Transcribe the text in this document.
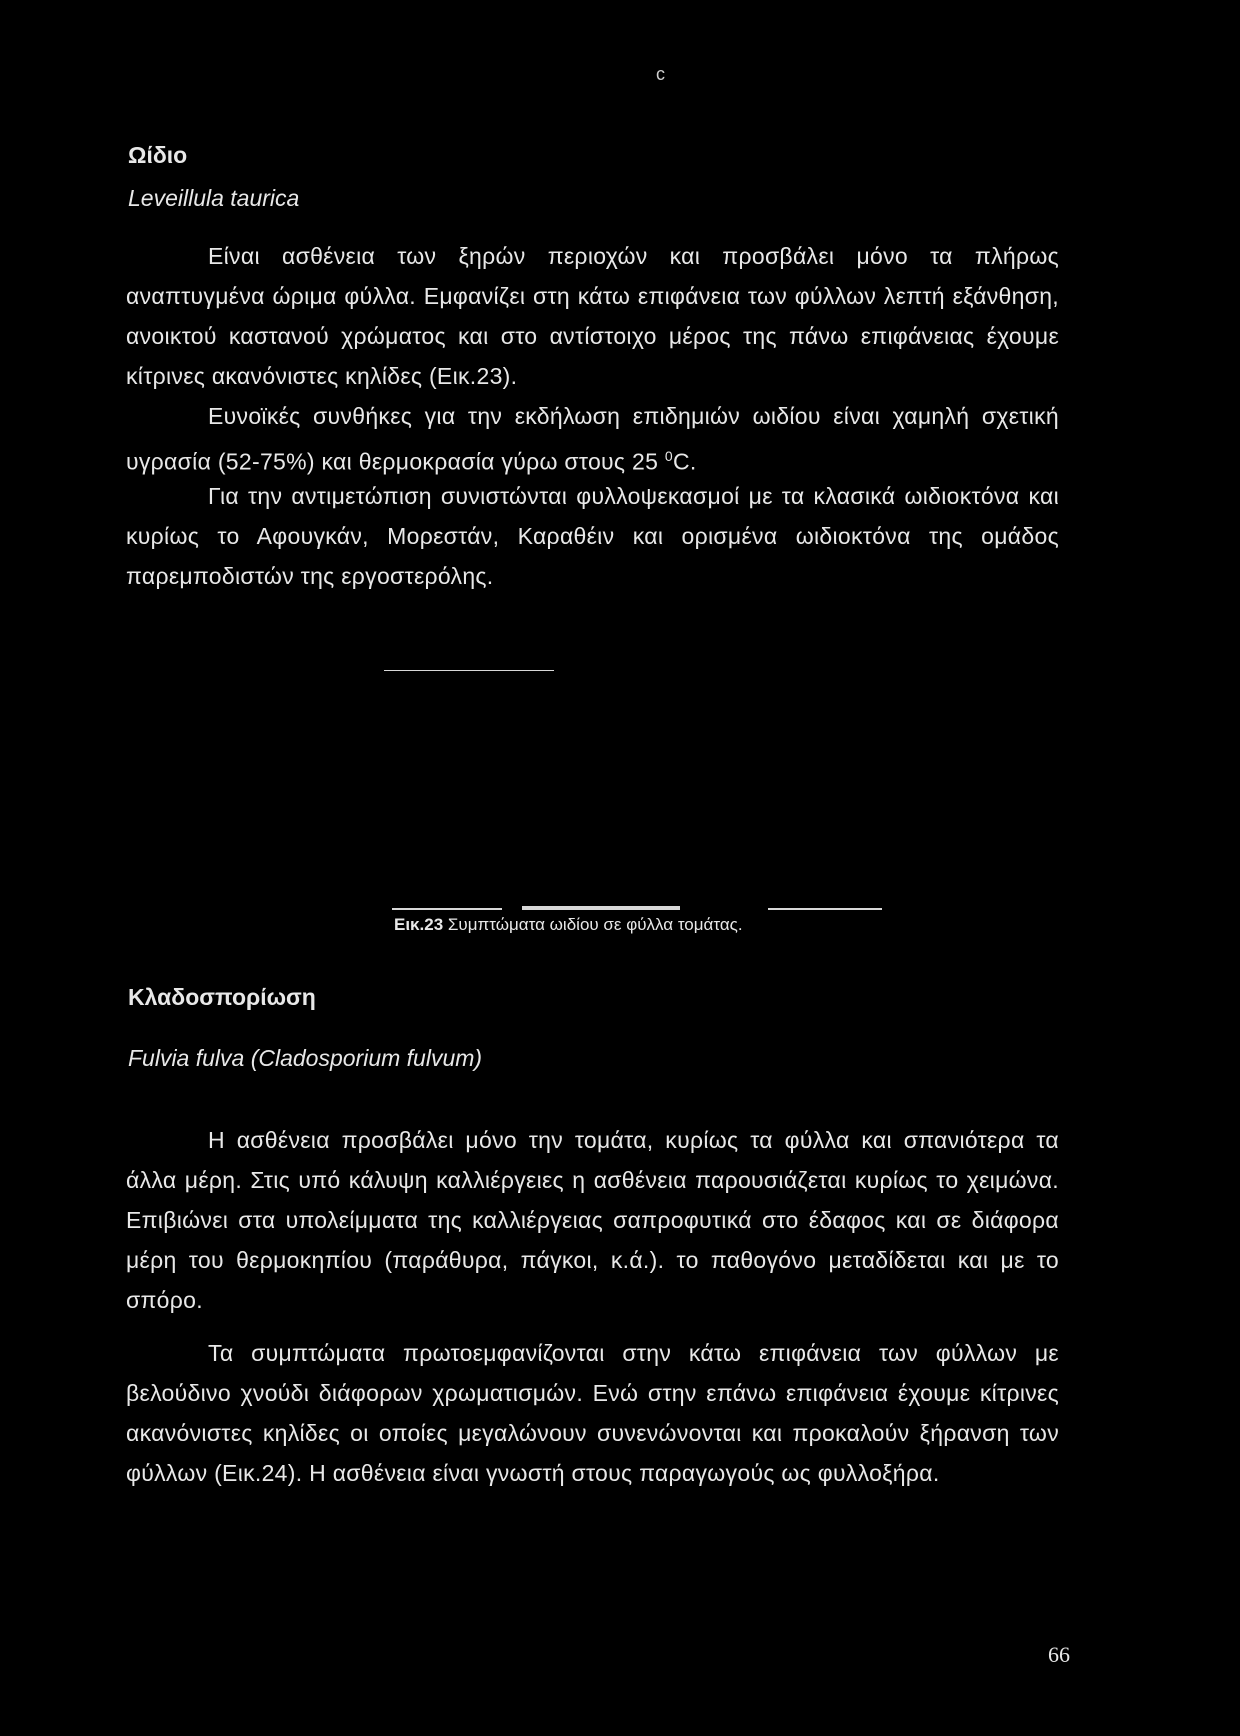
c
Ωίδιο
Leveillula taurica

Είναι ασθένεια των ξηρών περιοχών και προσβάλει μόνο τα πλήρως αναπτυγμένα ώριμα φύλλα. Εμφανίζει στη κάτω επιφάνεια των φύλλων λεπτή εξάνθηση, ανοικτού καστανού χρώματος και στο αντίστοιχο μέρος της πάνω επιφάνειας έχουμε κίτρινες ακανόνιστες κηλίδες (Εικ.23).

Ευνοϊκές συνθήκες για την εκδήλωση επιδημιών ωιδίου είναι χαμηλή σχετική υγρασία (52-75%) και θερμοκρασία γύρω στους 25 $^0$C.

Για την αντιμετώπιση συνιστώνται φυλλοψεκασμοί με τα κλασικά ωιδιοκτόνα και κυρίως το Αφουγκάν, Μορεστάν, Καραθέιν και ορισμένα ωιδιοκτόνα της ομάδος παρεμποδιστών της εργοστερόλης.

Εικ.23 Συμπτώματα ωιδίου σε φύλλα τομάτας.
Κλαδοσπορίωση
Fulvia fulva (Cladosporium fulvum)

Η ασθένεια προσβάλει μόνο την τομάτα, κυρίως τα φύλλα και σπανιότερα τα άλλα μέρη. Στις υπό κάλυψη καλλιέργειες η ασθένεια παρουσιάζεται κυρίως το χειμώνα. Επιβιώνει στα υπολείμματα της καλλιέργειας σαπροφυτικά στο έδαφος και σε διάφορα μέρη του θερμοκηπίου (παράθυρα, πάγκοι, κ.ά.). το παθογόνο μεταδίδεται και με το σπόρο.

Τα συμπτώματα πρωτοεμφανίζονται στην κάτω επιφάνεια των φύλλων με βελούδινο χνούδι διάφορων χρωματισμών. Ενώ στην επάνω επιφάνεια έχουμε κίτρινες ακανόνιστες κηλίδες οι οποίες μεγαλώνουν συνενώνονται και προκαλούν ξήρανση των φύλλων (Εικ.24). Η ασθένεια είναι γνωστή στους παραγωγούς ως φυλλοξήρα.

66
